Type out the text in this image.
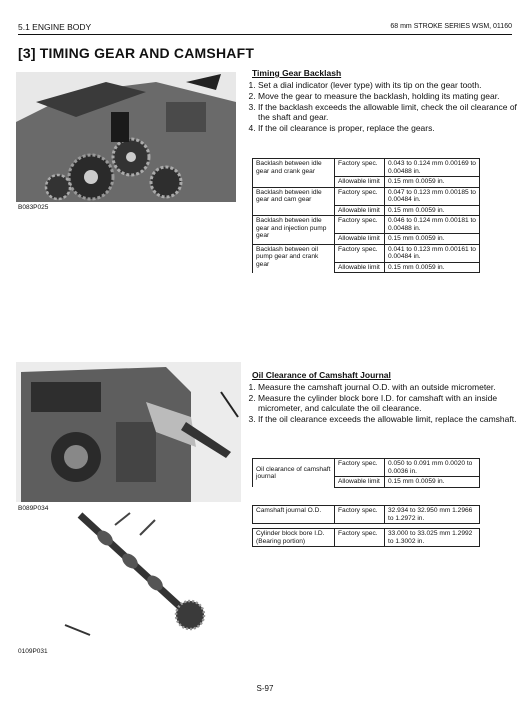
5.1 ENGINE BODY	68 mm STROKE SERIES WSM, 01160
[3] TIMING GEAR AND CAMSHAFT
B083P025
B089P034
0109P031
Timing Gear Backlash
1. Set a dial indicator (lever type) with its tip on the gear tooth.
2. Move the gear to measure the backlash, holding its mating gear.
3. If the backlash exceeds the allowable limit, check the oil clearance of the shaft and gear.
4. If the oil clearance is proper, replace the gears.
Backlash between idle gear and crank gear	Factory spec.	0.043 to 0.124 mm 0.00169 to 0.00488 in.
	Allowable limit	0.15 mm 0.0059 in.
Backlash between idle gear and cam gear	Factory spec.	0.047 to 0.123 mm 0.00185 to 0.00484 in.
	Allowable limit	0.15 mm 0.0059 in.
Backlash between idle gear and injection pump gear	Factory spec.	0.046 to 0.124 mm 0.00181 to 0.00488 in.
	Allowable limit	0.15 mm 0.0059 in.
Backlash between oil pump gear and crank gear	Factory spec.	0.041 to 0.123 mm 0.00161 to 0.00484 in.
	Allowable limit	0.15 mm 0.0059 in.
Oil Clearance of Camshaft Journal
1. Measure the camshaft journal O.D. with an outside micrometer.
2. Measure the cylinder block bore I.D. for camshaft with an inside micrometer, and calculate the oil clearance.
3. If the oil clearance exceeds the allowable limit, replace the camshaft.
Oil clearance of camshaft journal	Factory spec.	0.050 to 0.091 mm 0.0020 to 0.0036 in.
	Allowable limit	0.15 mm 0.0059 in.
Camshaft journal O.D.	Factory spec.	32.934 to 32.950 mm 1.2966 to 1.2972 in.
Cylinder block bore I.D. (Bearing portion)	Factory spec.	33.000 to 33.025 mm 1.2992 to 1.3002 in.
S-97
